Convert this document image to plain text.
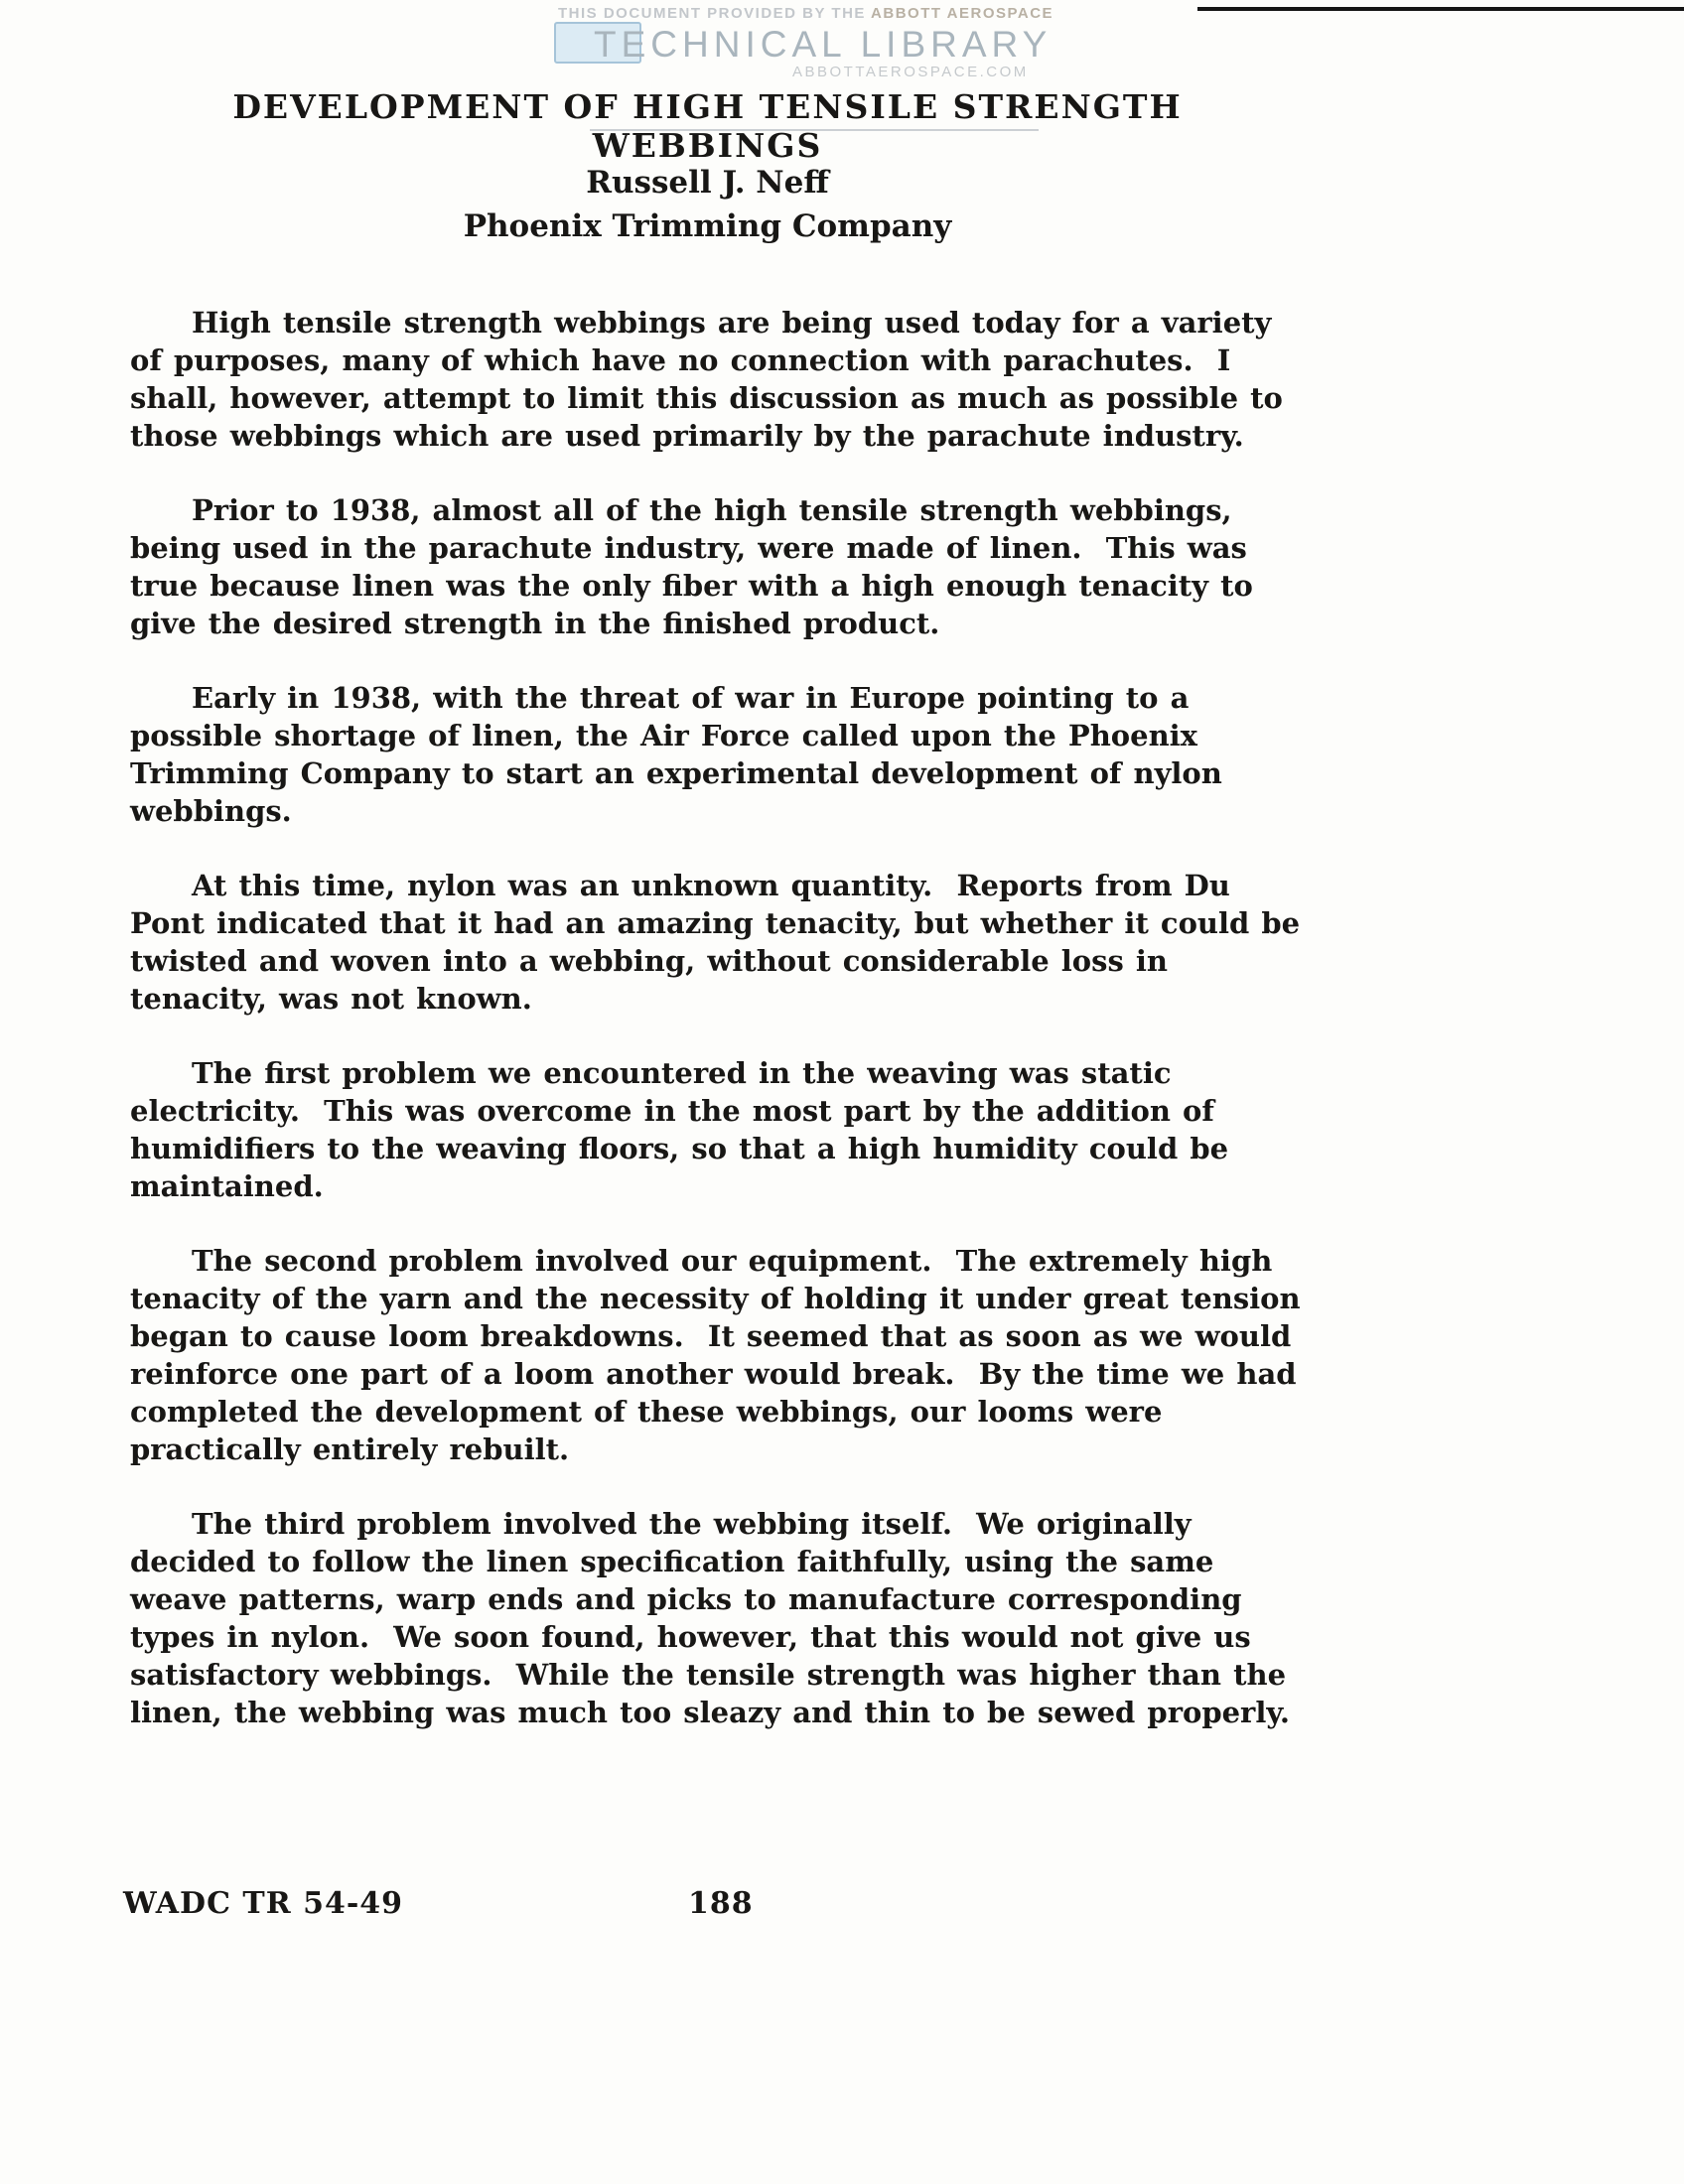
THIS DOCUMENT PROVIDED BY THE ABBOTT AEROSPACE
TECHNICAL LIBRARY
ABBOTTAEROSPACE.COM
DEVELOPMENT OF HIGH TENSILE STRENGTH WEBBINGS
Russell J. Neff
Phoenix Trimming Company

High tensile strength webbings are being used today for a variety of purposes, many of which have no connection with parachutes.  I shall, however, attempt to limit this discussion as much as possible to those webbings which are used primarily by the parachute industry.

Prior to 1938, almost all of the high tensile strength webbings, being used in the parachute industry, were made of linen.  This was true because linen was the only fiber with a high enough tenacity to give the desired strength in the finished product.

Early in 1938, with the threat of war in Europe pointing to a possible shortage of linen, the Air Force called upon the Phoenix Trimming Company to start an experimental development of nylon webbings.

At this time, nylon was an unknown quantity.  Reports from Du Pont indicated that it had an amazing tenacity, but whether it could be twisted and woven into a webbing, without considerable loss in tenacity, was not known.

The first problem we encountered in the weaving was static electricity.  This was overcome in the most part by the addition of humidifiers to the weaving floors, so that a high humidity could be maintained.

The second problem involved our equipment.  The extremely high tenacity of the yarn and the necessity of holding it under great tension began to cause loom breakdowns.  It seemed that as soon as we would reinforce one part of a loom another would break.  By the time we had completed the development of these webbings, our looms were practically entirely rebuilt.

The third problem involved the webbing itself.  We originally decided to follow the linen specification faithfully, using the same weave patterns, warp ends and picks to manufacture corresponding types in nylon.  We soon found, however, that this would not give us satisfactory webbings.  While the tensile strength was higher than the linen, the webbing was much too sleazy and thin to be sewed properly.

WADC TR 54-49	188
